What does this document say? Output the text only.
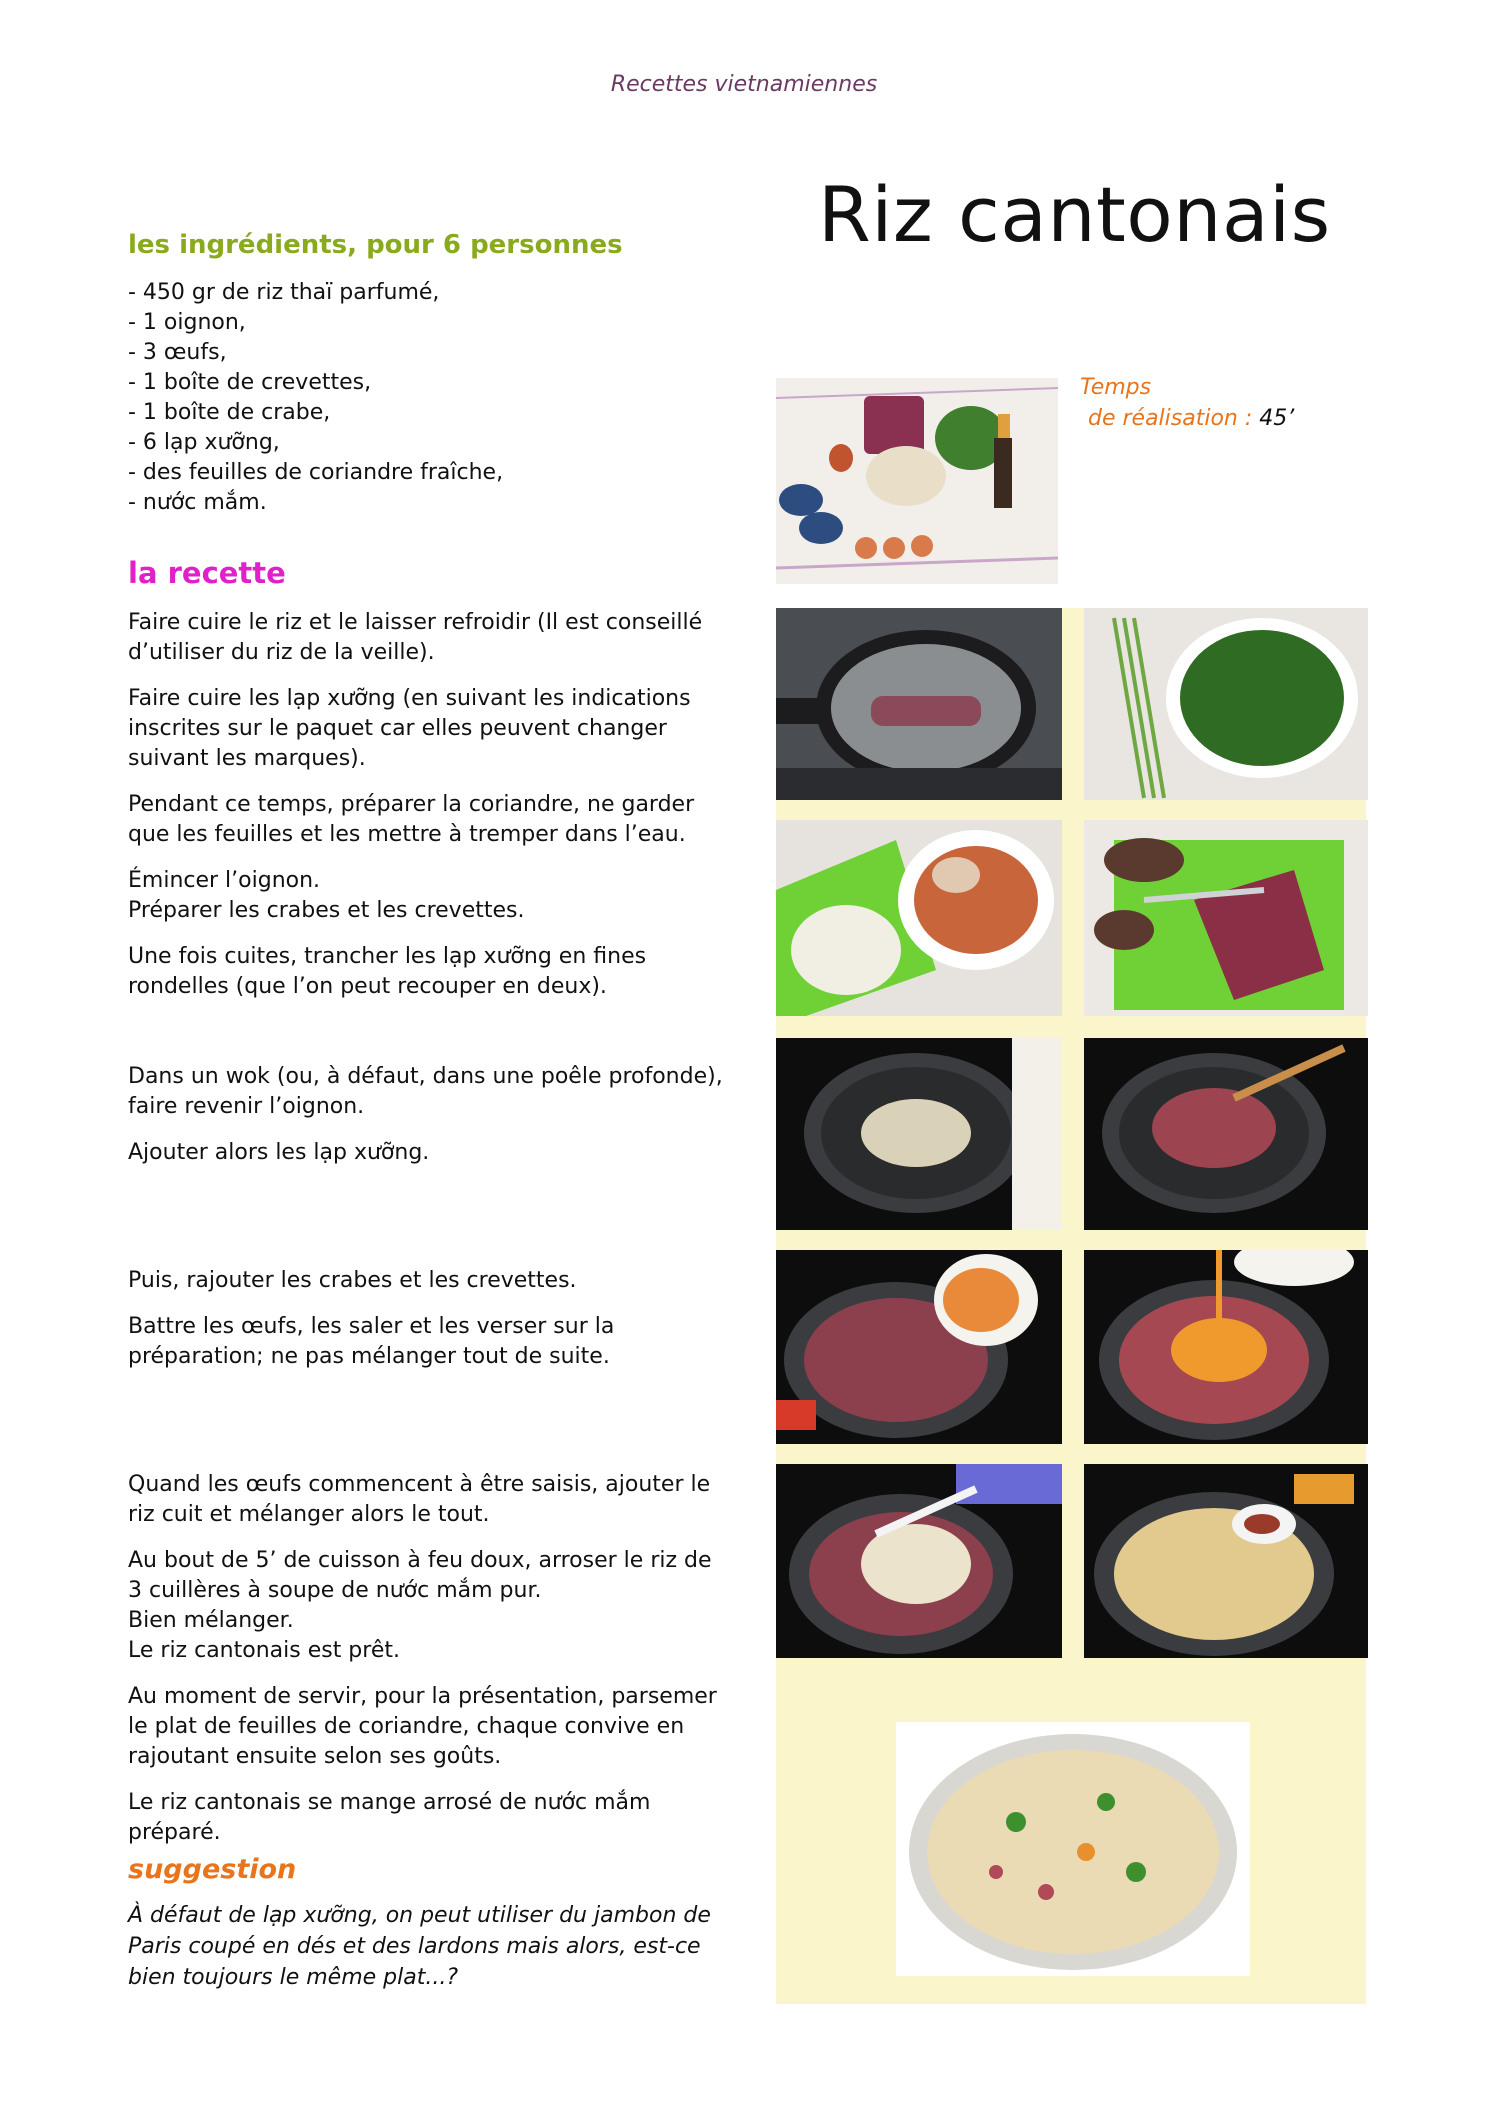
Recettes vietnamiennes
Riz cantonais
les ingrédients, pour 6 personnes
- 450 gr de riz thaï parfumé,
- 1 oignon,
- 3 œufs,
- 1 boîte de crevettes,
- 1 boîte de crabe,
- 6 lạp xưỡng,
- des feuilles de coriandre fraîche,
- nước mắm.
Temps
de réalisation : 45’
la recette

Faire cuire le riz et le laisser refroidir (Il est conseillé d’utiliser du riz de la veille).

Faire cuire les lạp xưỡng (en suivant les indications inscrites sur le paquet car elles peuvent changer suivant les marques).

Pendant ce temps, préparer la coriandre, ne garder que les feuilles et les mettre à tremper dans l’eau.

Émincer l’oignon.

Préparer les crabes et les crevettes.

Une fois cuites, trancher les lạp xưỡng en fines rondelles (que l’on peut recouper en deux).

Dans un wok (ou, à défaut, dans une poêle profonde), faire revenir l’oignon.

Ajouter alors les lạp xưỡng.

Puis, rajouter les crabes et les crevettes.

Battre les œufs, les saler et les verser sur la préparation; ne pas mélanger tout de suite.

Quand les œufs commencent à être saisis, ajouter le riz cuit et mélanger alors le tout.

Au bout de 5’ de cuisson à feu doux, arroser le riz de 3 cuillères à soupe de nước mắm pur.

Bien mélanger.

Le riz cantonais est prêt.

Au moment de servir, pour la présentation, parsemer le plat de feuilles de coriandre, chaque convive en rajoutant ensuite selon ses goûts.

Le riz cantonais se mange arrosé de nước mắm préparé.

suggestion
À défaut de lạp xưỡng, on peut utiliser du jambon de Paris coupé en dés et des lardons mais alors, est-ce bien toujours le même plat...?
